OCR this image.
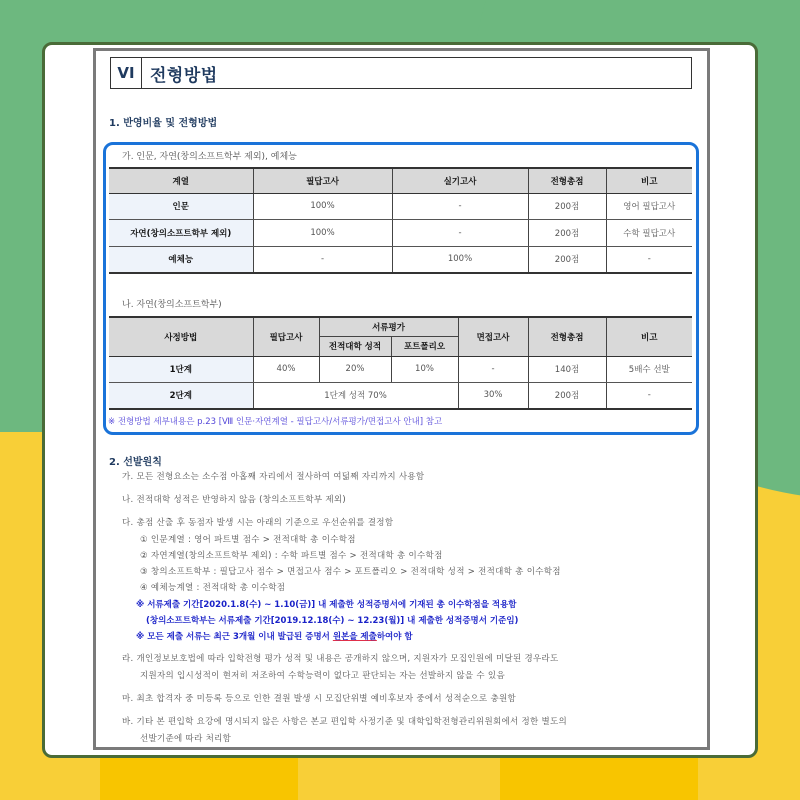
VI 전형방법
1. 반영비율 및 전형방법
가. 인문, 자연(창의소프트학부 제외), 예체능
계열	필답고사	실기고사	전형총점	비고
인문	100%	-	200점	영어 필답고사
자연(창의소프트학부 제외)	100%	-	200점	수학 필답고사
예체능	-	100%	200점	-
나. 자연(창의소프트학부)
사정방법	필답고사	서류평가		면접고사	전형총점	비고
		전적대학 성적	포트폴리오			
1단계	40%	20%	10%	-	140점	5배수 선발
2단계	1단계 성적 70%			30%	200점	-
※ 전형방법 세부내용은 p.23 [Ⅷ 인문·자연계열 - 필답고사/서류평가/면접고사 안내] 참고
2. 선발원칙
가. 모든 전형요소는 소수점 아홉째 자리에서 절사하여 여덟째 자리까지 사용함
나. 전적대학 성적은 반영하지 않음 (창의소프트학부 제외)
다. 총점 산출 후 동점자 발생 시는 아래의 기준으로 우선순위를 결정함
① 인문계열 : 영어 파트별 점수 > 전적대학 총 이수학점
② 자연계열(창의소프트학부 제외) : 수학 파트별 점수 > 전적대학 총 이수학점
③ 창의소프트학부 : 필답고사 점수 > 면접고사 점수 > 포트폴리오 > 전적대학 성적 > 전적대학 총 이수학점
④ 예체능계열 : 전적대학 총 이수학점
※ 서류제출 기간[2020.1.8(수) ~ 1.10(금)] 내 제출한 성적증명서에 기재된 총 이수학점을 적용함
(창의소프트학부는 서류제출 기간[2019.12.18(수) ~ 12.23(월)] 내 제출한 성적증명서 기준임)
※ 모든 제출 서류는 최근 3개월 이내 발급된 증명서 원본을 제출하여야 함
라. 개인정보보호법에 따라 입학전형 평가 성적 및 내용은 공개하지 않으며, 지원자가 모집인원에 미달된 경우라도
지원자의 입시성적이 현저히 저조하여 수학능력이 없다고 판단되는 자는 선발하지 않을 수 있음
마. 최초 합격자 중 미등록 등으로 인한 결원 발생 시 모집단위별 예비후보자 중에서 성적순으로 충원함
바. 기타 본 편입학 요강에 명시되지 않은 사항은 본교 편입학 사정기준 및 대학입학전형관리위원회에서 정한 별도의
선발기준에 따라 처리함
